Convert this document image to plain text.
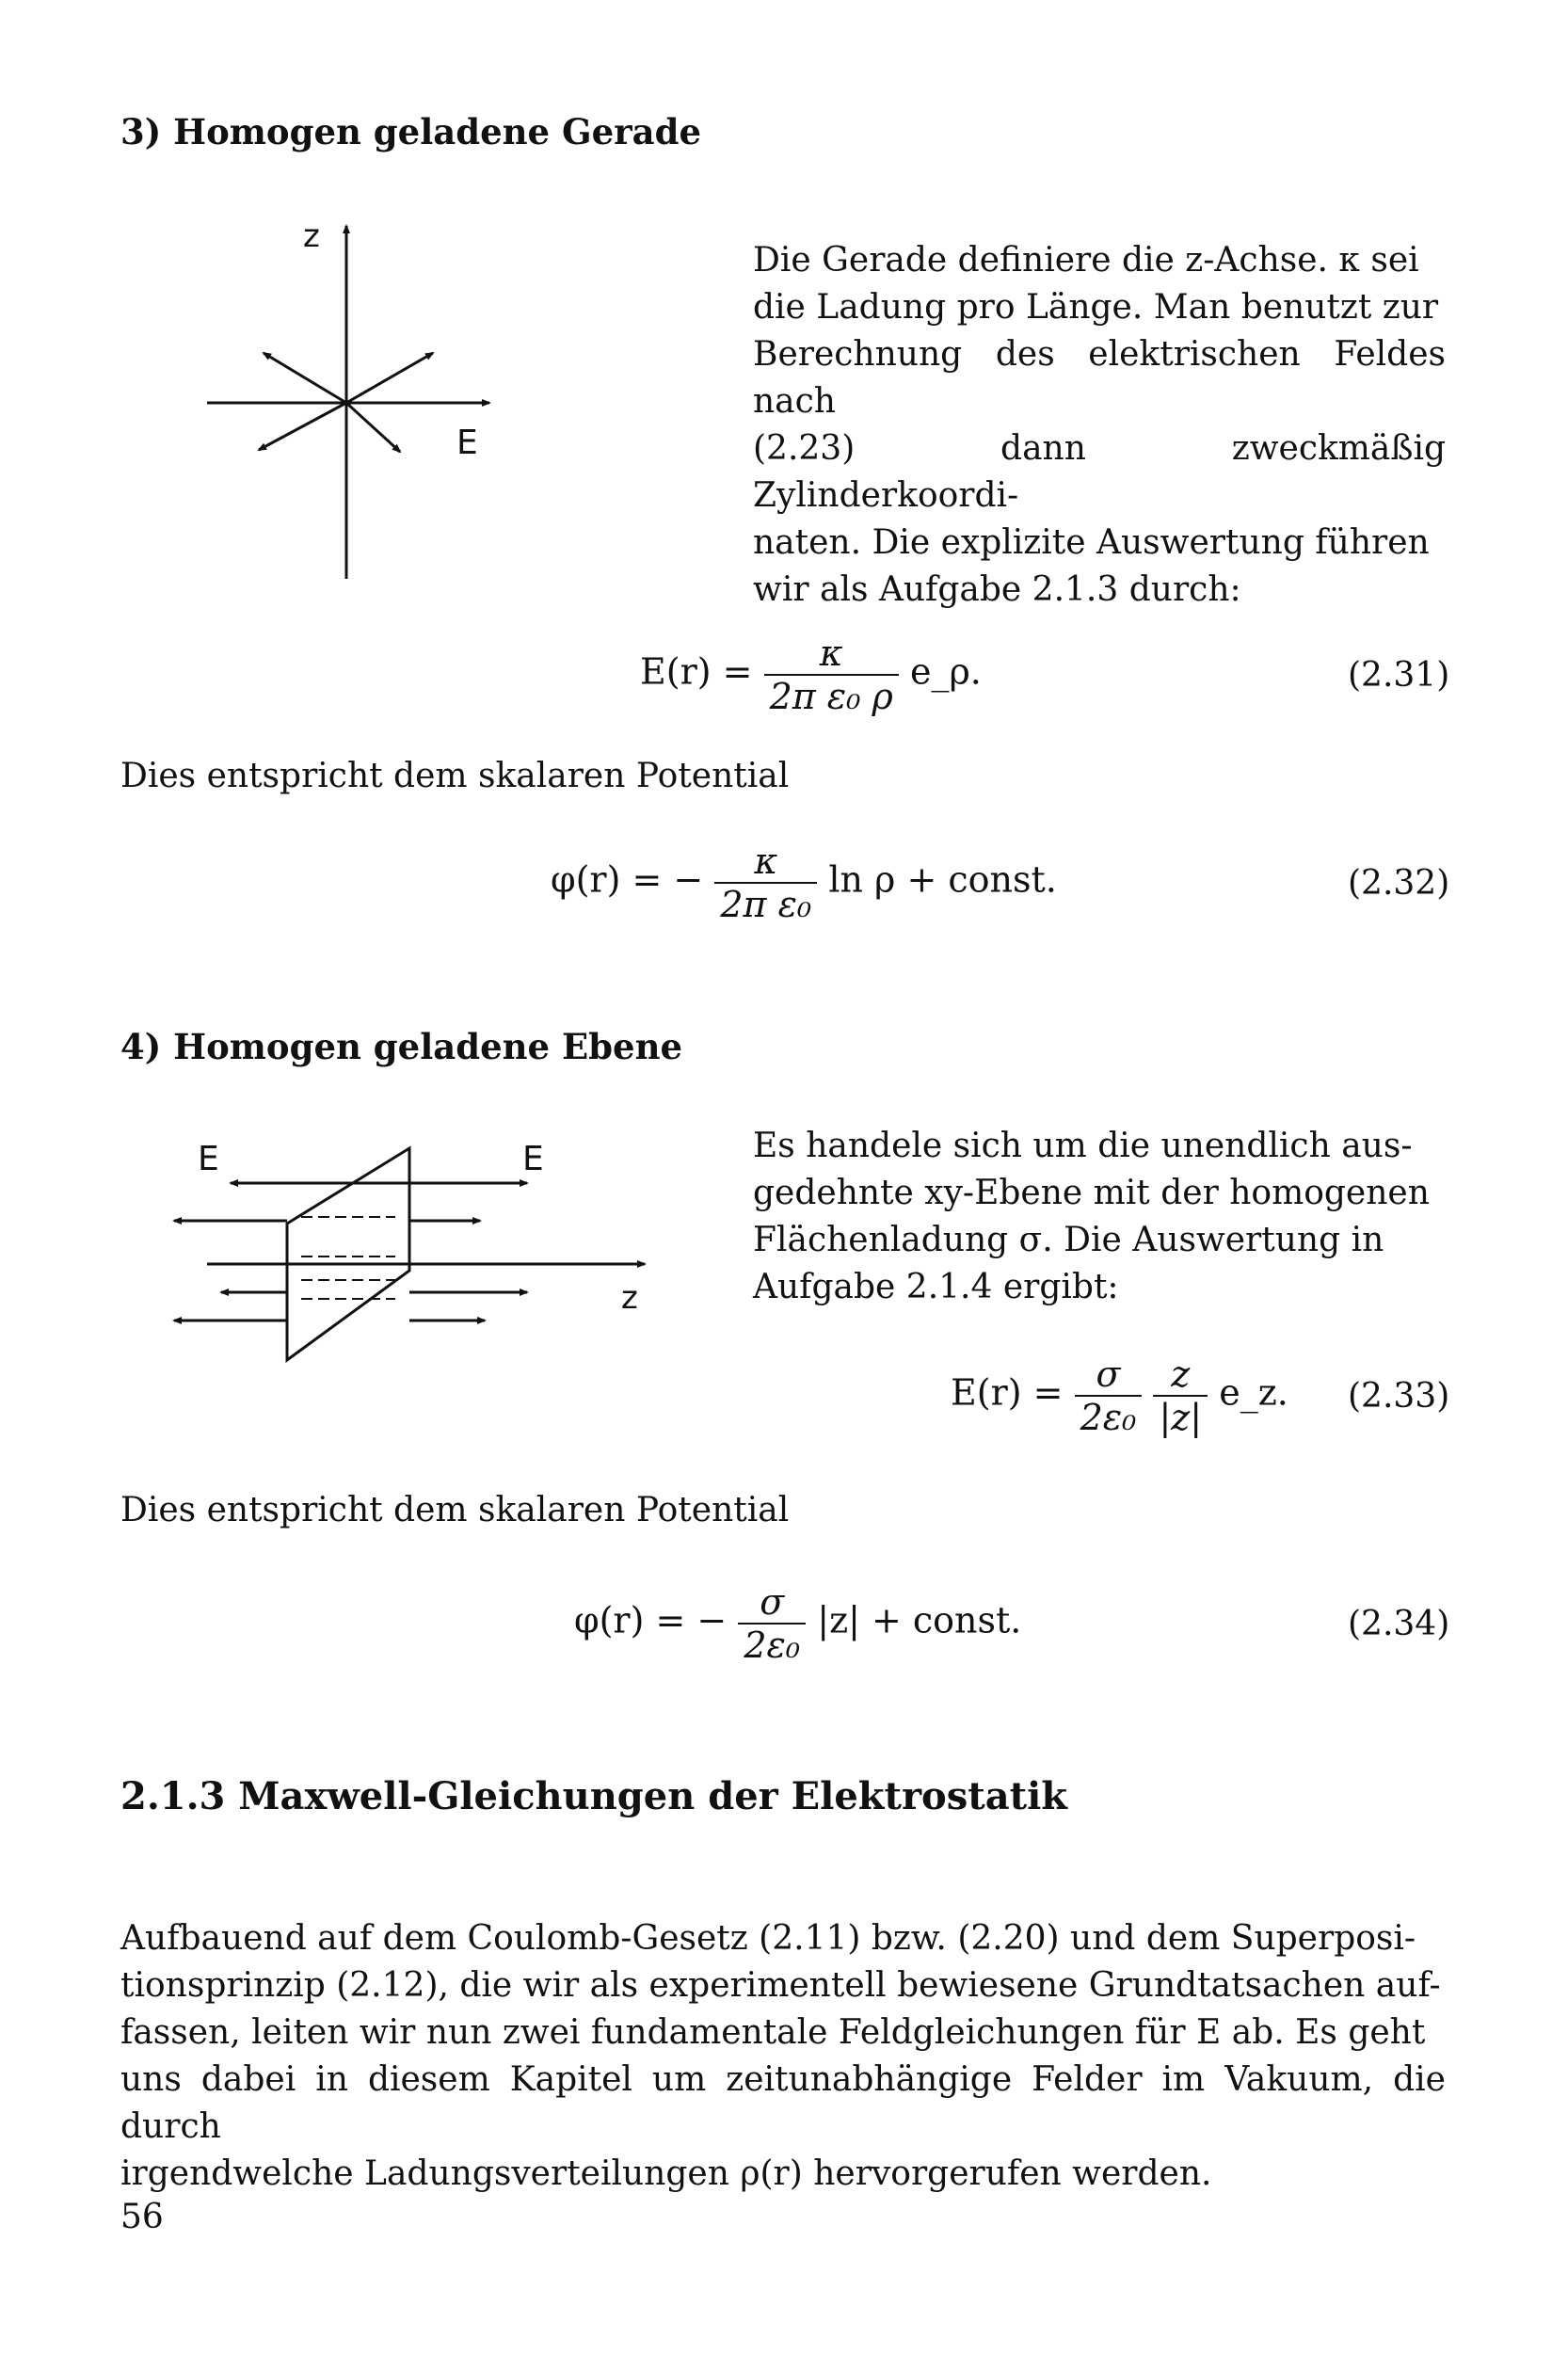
3) Homogen geladene Gerade
z
E
Die Gerade definiere die z-Achse. κ sei
die Ladung pro Länge. Man benutzt zur
Berechnung des elektrischen Feldes nach
(2.23) dann zweckmäßig Zylinderkoordi-
naten. Die explizite Auswertung führen
wir als Aufgabe 2.1.3 durch:
$E(r) = \frac{\kappa}{\text{2π ε₀ ρ}}$ e_ρ.	(2.31)
Dies entspricht dem skalaren Potential
φ(r) = − $\frac{\kappa}{\text{2π ε₀}}$ ln ρ + const.	(2.32)
4) Homogen geladene Ebene
E	E
z
Es handele sich um die unendlich aus-
gedehnte xy-Ebene mit der homogenen
Flächenladung σ. Die Auswertung in
Aufgabe 2.1.4 ergibt:
$E(r) = \frac{\sigma}{\text{2ε₀}}$
$\frac{z}{|z|}$ e_z. (2.33)
Dies entspricht dem skalaren Potential
φ(r) = − $\frac{\sigma}{\text{2ε₀}} |z|$ + const.	(2.34)
2.1.3 Maxwell-Gleichungen der Elektrostatik
Aufbauend auf dem Coulomb-Gesetz (2.11) bzw. (2.20) und dem Superposi-
tionsprinzip (2.12), die wir als experimentell bewiesene Grundtatsachen auf-
fassen, leiten wir nun zwei fundamentale Feldgleichungen für E ab. Es geht
uns dabei in diesem Kapitel um zeitunabhängige Felder im Vakuum, die durch
irgendwelche Ladungsverteilungen ρ(r) hervorgerufen werden.
56
